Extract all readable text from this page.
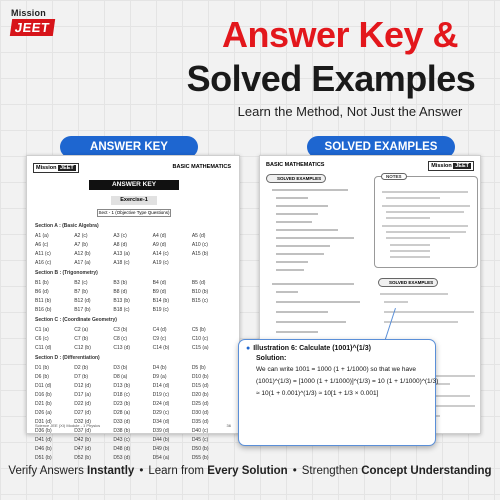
Mission
JEET	Answer Key &
Solved Examples
Learn the Method, Not Just the Answer
ANSWER KEY	SOLVED EXAMPLES
Mission JEET	BASIC MATHEMATICS
ANSWER KEY
Exercise-1
Sect - 1 (Objective Type Questions)
Section A : (Basic Algebra)
A1 (a)	A2 (c)	A3 (c)	A4 (d)	A5 (d)
A6 (c)	A7 (b)	A8 (d)	A9 (d)	A10 (c)
A11 (c)	A12 (b)	A13 (a)	A14 (c)	A15 (b)
A16 (c)	A17 (a)	A18 (c)	A19 (c)
Section B : (Trigonometry)
B1 (b)	B2 (c)	B3 (b)	B4 (d)	B5 (d)
B6 (d)	B7 (b)	B8 (d)	B9 (d)	B10 (b)
B11 (b)	B12 (d)	B13 (b)	B14 (b)	B15 (c)
B16 (b)	B17 (b)	B18 (c)	B19 (c)
Section C : (Coordinate Geometry)
C1 (a)	C2 (a)	C3 (b)	C4 (d)	C5 (b)
C6 (c)	C7 (b)	C8 (c)	C9 (c)	C10 (c)
C11 (d)	C12 (b)	C13 (d)	C14 (b)	C15 (a)
Section D : (Differentiation)
D1 (b)	D2 (b)	D3 (b)	D4 (b)	D5 (b)
D6 (b)	D7 (b)	D8 (a)	D9 (a)	D10 (b)
D11 (d)	D12 (d)	D13 (b)	D14 (d)	D15 (d)
D16 (b)	D17 (a)	D18 (c)	D19 (c)	D20 (b)
D21 (b)	D22 (d)	D23 (b)	D24 (d)	D25 (d)
D26 (a)	D27 (d)	D28 (a)	D29 (c)	D30 (d)
D31 (d)	D32 (d)	D33 (d)	D34 (d)	D35 (d)
D36 (b)	D37 (d)	D38 (b)	D39 (d)	D40 (c)
D41 (d)	D42 (b)	D43 (c)	D44 (b)	D45 (c)
D46 (b)	D47 (d)	D48 (d)	D49 (b)	D50 (b)
D51 (b)	D52 (b)	D53 (d)	D54 (a)	D55 (b)
Science JEE (XI) Module - 1 Physics	36
BASIC MATHEMATICS	Mission JEET
SOLVED EXAMPLES	NOTES
SOLVED EXAMPLES
● Illustration 6: Calculate (1001)^(1/3)
Solution:
We can write 1001 = 1000 (1 + 1/1000) so that we have
(1001)^(1/3) = [1000 (1 + 1/1000)]^(1/3) = 10 (1 + 1/1000)^(1/3)
≈ 10(1 + 0.001)^(1/3) ≈ 10[1 + 1/3 × 0.001]
Verify Answers Instantly • Learn from Every Solution • Strengthen Concept Understanding
